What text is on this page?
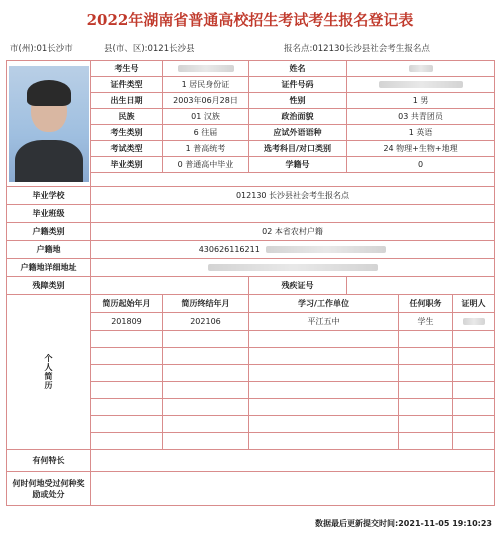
2022年湖南省普通高校招生考试考生报名登记表
市(州):01长沙市	县(市、区):0121长沙县	报名点:012130长沙县社会考生报名点
	考生号		姓名			
	证件类型	1 居民身份证	证件号码			
	出生日期	2003年06月28日	性别	1 男		
	民族	01 汉族	政治面貌	03 共青团员		
	考生类别	6 往届	应试外语语种	1 英语		
	考试类型	1 普高统考	选考科目/对口类别	24 物理+生物+地理		
	毕业类别	0 普通高中毕业	学籍号	0		

毕业学校	012130 长沙县社会考生报名点					
毕业班级						
户籍类别	02 本省农村户籍					
户籍地	430626116211					
户籍地详细地址						
残障类别			残疾证号			

个人简历	简历起始年月	简历终结年月	学习/工作单位		任何职务	证明人
	201809	202106	平江五中		学生	

有何特长						
何时何地受过何种奖励或处分						
数据最后更新提交时间:2021-11-05 19:10:23
